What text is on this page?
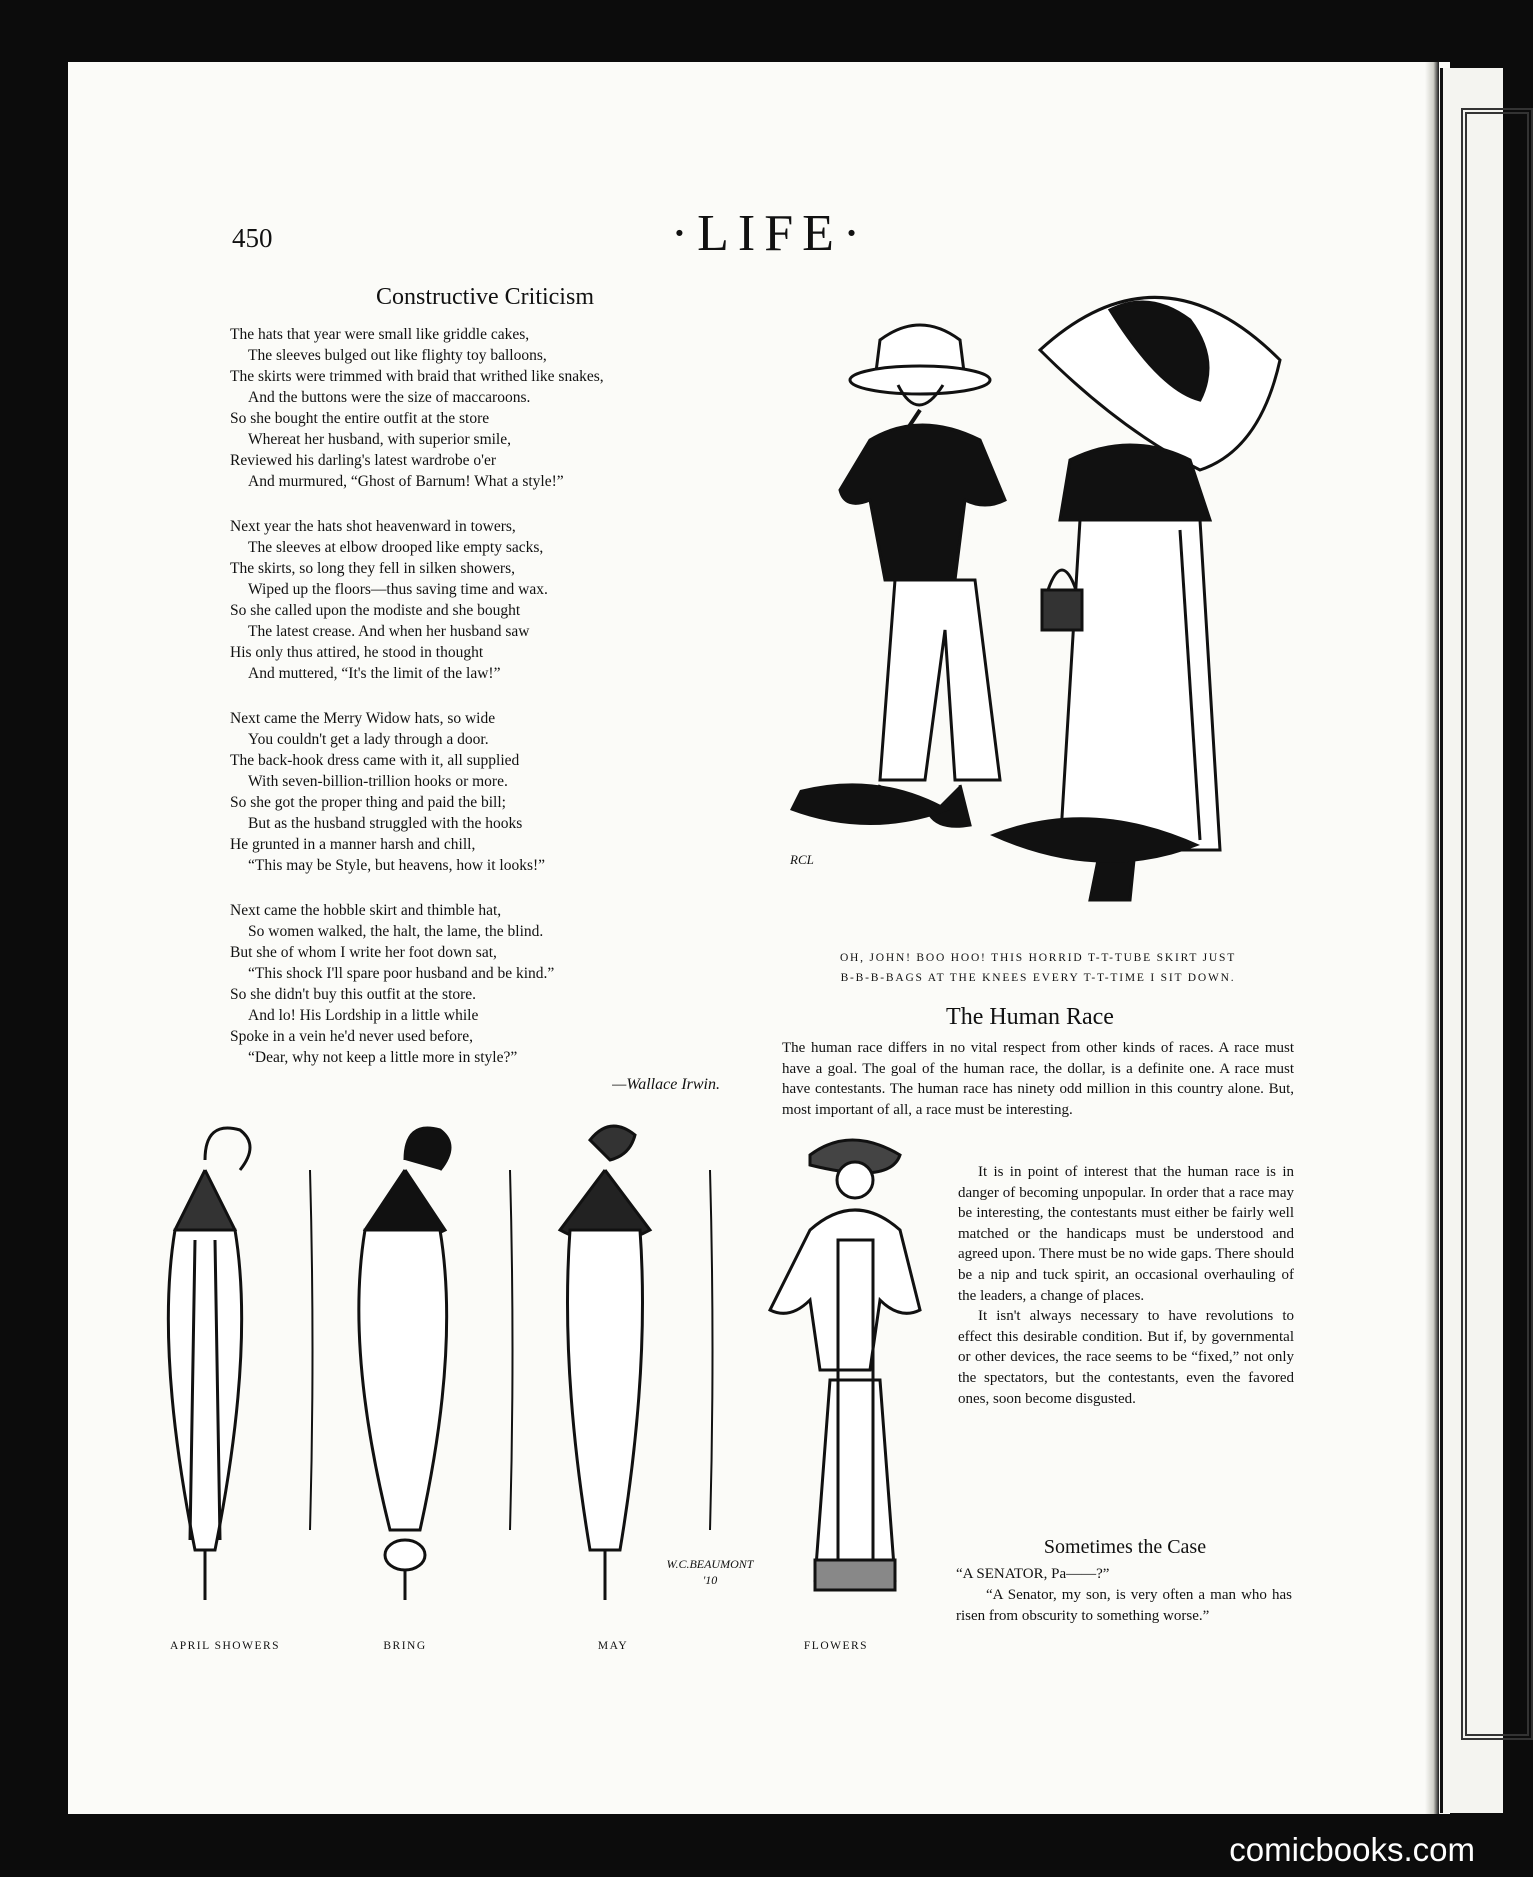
450	·LIFE·
Constructive Criticism
The hats that year were small like griddle cakes,
The sleeves bulged out like flighty toy balloons,
The skirts were trimmed with braid that writhed like snakes,
And the buttons were the size of maccaroons.
So she bought the entire outfit at the store
Whereat her husband, with superior smile,
Reviewed his darling's latest wardrobe o'er
And murmured, “Ghost of Barnum! What a style!”
Next year the hats shot heavenward in towers,
The sleeves at elbow drooped like empty sacks,
The skirts, so long they fell in silken showers,
Wiped up the floors—thus saving time and wax.
So she called upon the modiste and she bought
The latest crease. And when her husband saw
His only thus attired, he stood in thought
And muttered, “It's the limit of the law!”
Next came the Merry Widow hats, so wide
You couldn't get a lady through a door.
The back-hook dress came with it, all supplied
With seven-billion-trillion hooks or more.
So she got the proper thing and paid the bill;
But as the husband struggled with the hooks
He grunted in a manner harsh and chill,
“This may be Style, but heavens, how it looks!”
Next came the hobble skirt and thimble hat,
So women walked, the halt, the lame, the blind.
But she of whom I write her foot down sat,
“This shock I'll spare poor husband and be kind.”
So she didn't buy this outfit at the store.
And lo! His Lordship in a little while
Spoke in a vein he'd never used before,
“Dear, why not keep a little more in style?”
—Wallace Irwin.
RCL
OH, JOHN! BOO HOO! THIS HORRID T-T-TUBE SKIRT JUST
B-B-B-BAGS AT THE KNEES EVERY T-T-TIME I SIT DOWN.
The Human Race

The human race differs in no vital respect from other kinds of races. A race must have a goal. The goal of the human race, the dollar, is a definite one. A race must have contestants. The human race has ninety odd million in this country alone. But, most important of all, a race must be interesting.

It is in point of interest that the human race is in danger of becoming unpopular. In order that a race may be interesting, the contestants must either be fairly well matched or the handicaps must be understood and agreed upon. There must be no wide gaps. There should be a nip and tuck spirit, an occasional overhauling of the leaders, a change of places.

It isn't always necessary to have revolutions to effect this desirable condition. But if, by governmental or other devices, the race seems to be “fixed,” not only the spectators, but the contestants, even the favored ones, soon become disgusted.

Sometimes the Case

“A SENATOR, Pa——?”

“A Senator, my son, is very often a man who has risen from obscurity to something worse.”

W.C.BEAUMONT
'10
APRIL SHOWERS	BRING	MAY	FLOWERS
comicbooks.com
